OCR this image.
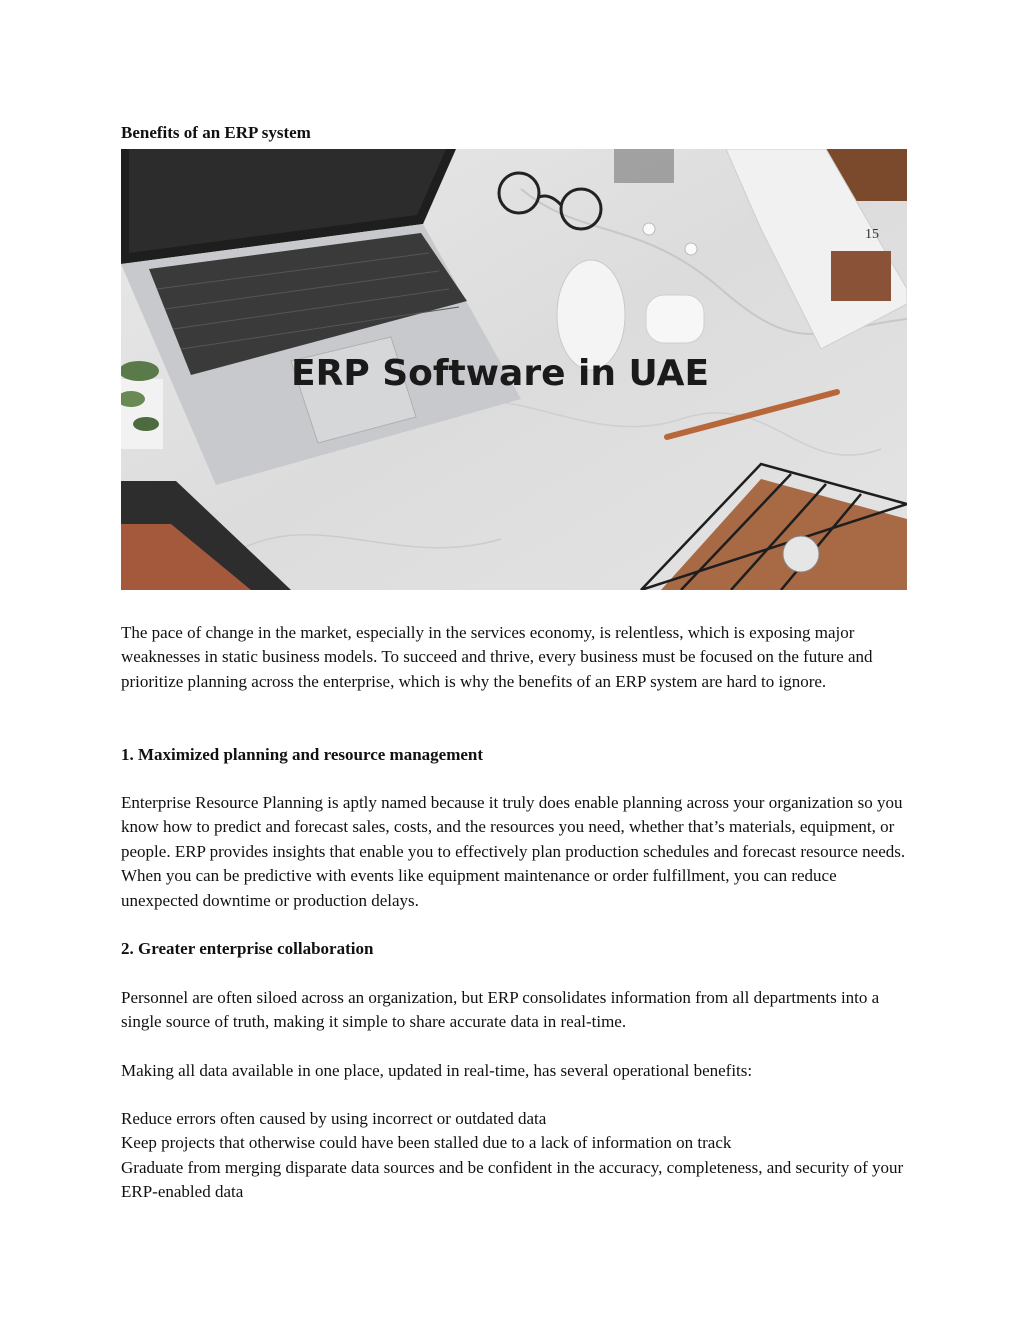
Benefits of an ERP system
15
ERP Software in UAE

The pace of change in the market, especially in the services economy, is relentless, which is exposing major weaknesses in static business models. To succeed and thrive, every business must be focused on the future and prioritize planning across the enterprise, which is why the benefits of an ERP system are hard to ignore.

1. Maximized planning and resource management

Enterprise Resource Planning is aptly named because it truly does enable planning across your organization so you know how to predict and forecast sales, costs, and the resources you need, whether that’s materials, equipment, or people. ERP provides insights that enable you to effectively plan production schedules and forecast resource needs. When you can be predictive with events like equipment maintenance or order fulfillment, you can reduce unexpected downtime or production delays.

2. Greater enterprise collaboration

Personnel are often siloed across an organization, but ERP consolidates information from all departments into a single source of truth, making it simple to share accurate data in real-time.

Making all data available in one place, updated in real-time, has several operational benefits:

Reduce errors often caused by using incorrect or outdated data
Keep projects that otherwise could have been stalled due to a lack of information on track
Graduate from merging disparate data sources and be confident in the accuracy, completeness, and security of your ERP-enabled data
